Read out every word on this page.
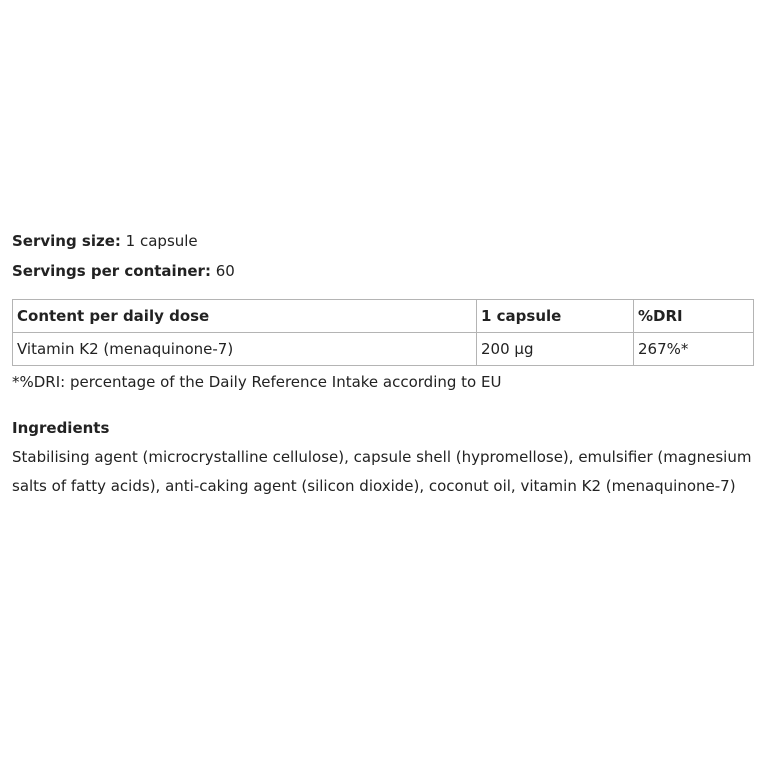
Serving size: 1 capsule

Servings per container: 60

Content per daily dose	1 capsule	%DRI
Vitamin K2 (menaquinone-7)	200 µg	267%*
*%DRI: percentage of the Daily Reference Intake according to EU
Ingredients
Stabilising agent (microcrystalline cellulose), capsule shell (hypromellose), emulsifier (magnesium salts of fatty acids), anti-caking agent (silicon dioxide), coconut oil, vitamin K2 (menaquinone-7)
